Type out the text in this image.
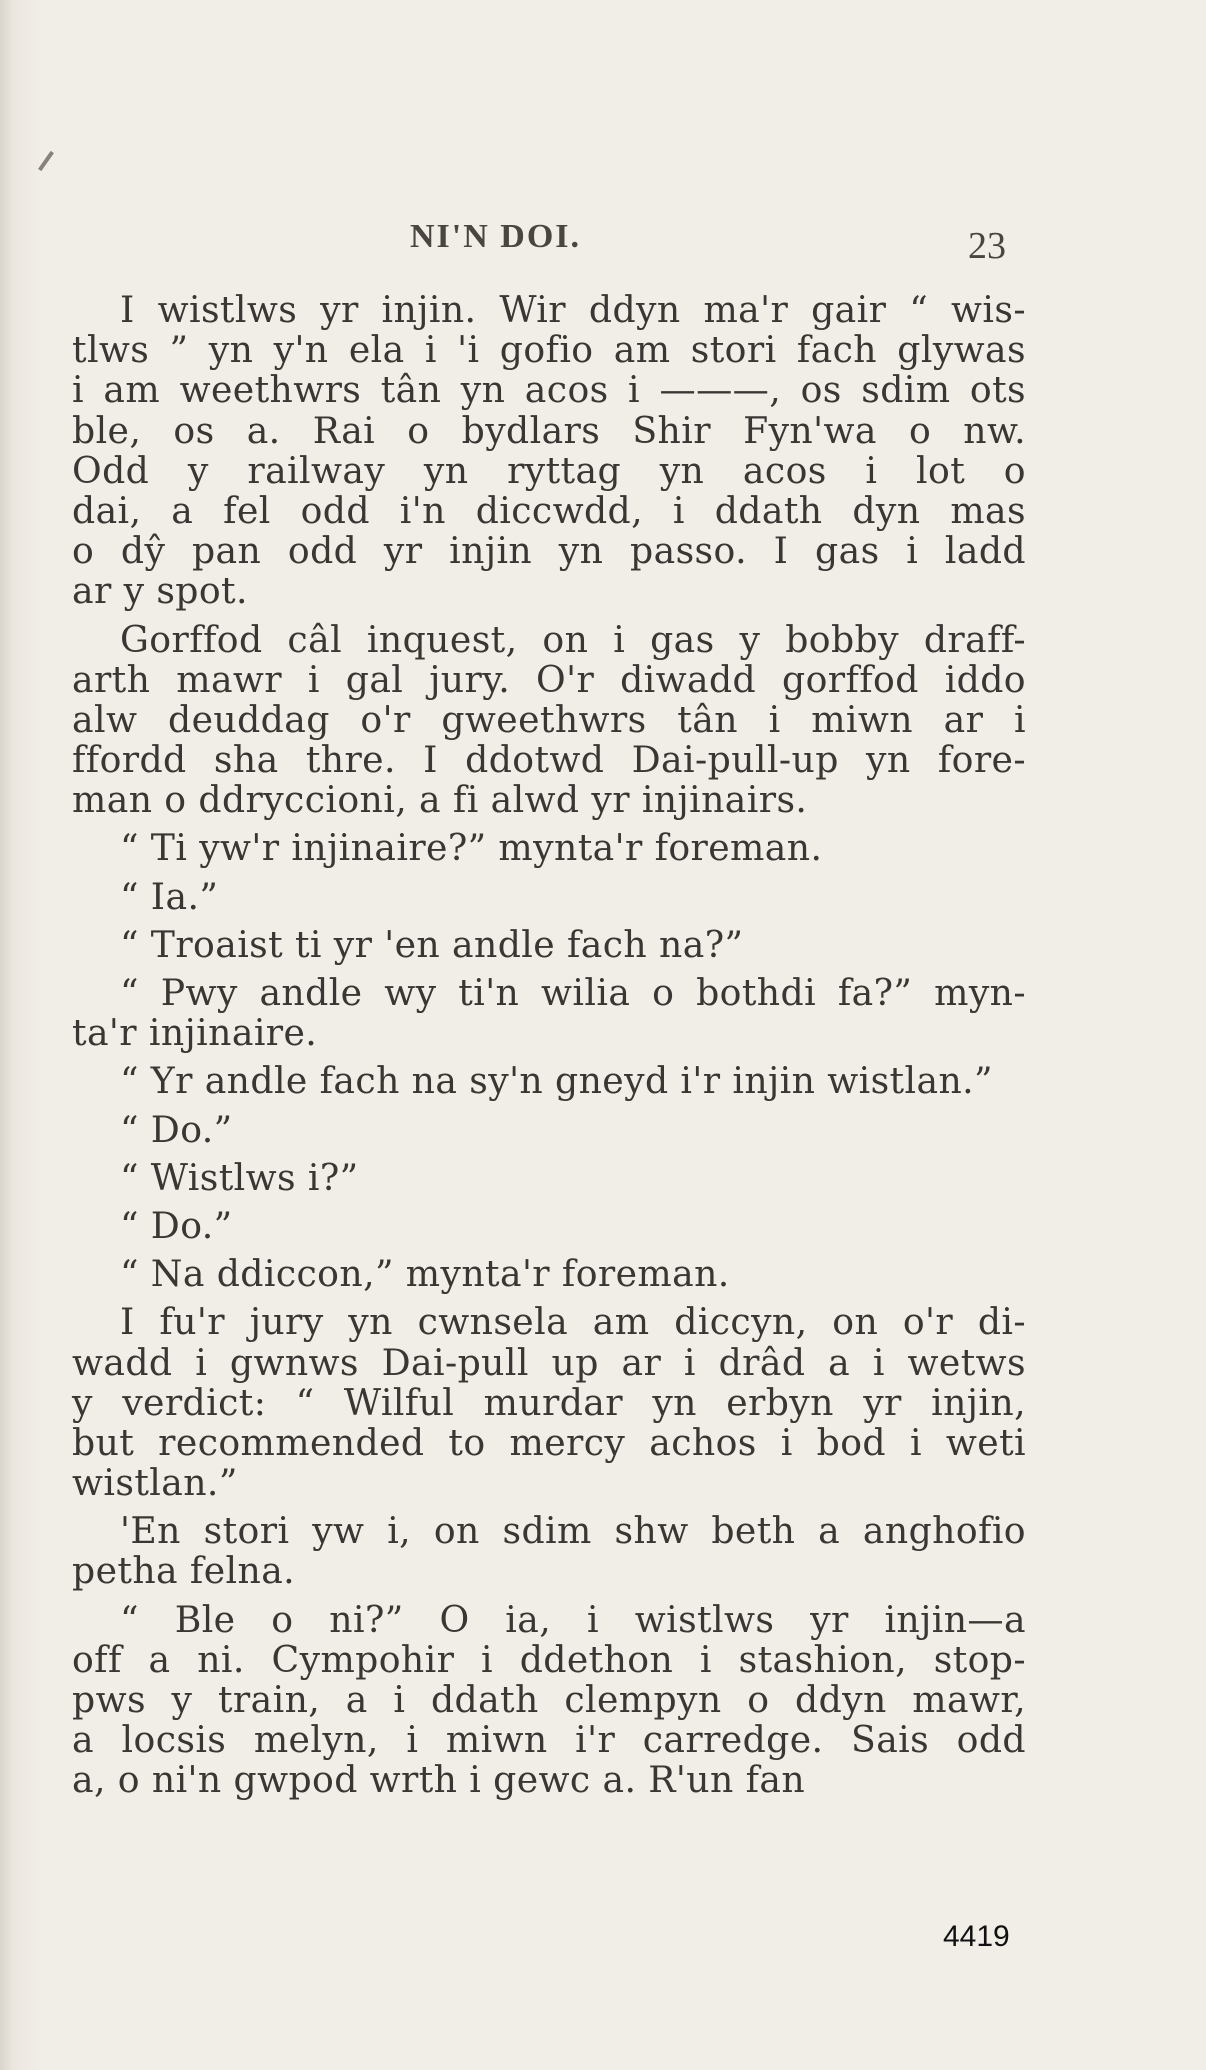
NI'N DOI.	23
I wistlws yr injin. Wir ddyn ma'r gair “ wis-
tlws ” yn y'n ela i 'i gofio am stori fach glywas
i am weethwrs tân yn acos i ———, os sdim ots
ble, os a. Rai o bydlars Shir Fyn'wa o nw.
Odd y railway yn ryttag yn acos i lot o
dai, a fel odd i'n diccwdd, i ddath dyn mas
o dŷ pan odd yr injin yn passo. I gas i ladd
ar y spot.
Gorffod câl inquest, on i gas y bobby draff-
arth mawr i gal jury. O'r diwadd gorffod iddo
alw deuddag o'r gweethwrs tân i miwn ar i
ffordd sha thre. I ddotwd Dai-pull-up yn fore-
man o ddryccioni, a fi alwd yr injinairs.
“ Ti yw'r injinaire?” mynta'r foreman.
“ Ia.”
“ Troaist ti yr 'en andle fach na?”
“ Pwy andle wy ti'n wilia o bothdi fa?” myn-
ta'r injinaire.
“ Yr andle fach na sy'n gneyd i'r injin wistlan.”
“ Do.”
“ Wistlws i?”
“ Do.”
“ Na ddiccon,” mynta'r foreman.
I fu'r jury yn cwnsela am diccyn, on o'r di-
wadd i gwnws Dai-pull up ar i drâd a i wetws
y verdict: “ Wilful murdar yn erbyn yr injin,
but recommended to mercy achos i bod i weti
wistlan.”
'En stori yw i, on sdim shw beth a anghofio
petha felna.
“ Ble o ni?” O ia, i wistlws yr injin—a
off a ni. Cympohir i ddethon i stashion, stop-
pws y train, a i ddath clempyn o ddyn mawr,
a locsis melyn, i miwn i'r carredge. Sais odd
a, o ni'n gwpod wrth i gewc a. R'un fan
4419
